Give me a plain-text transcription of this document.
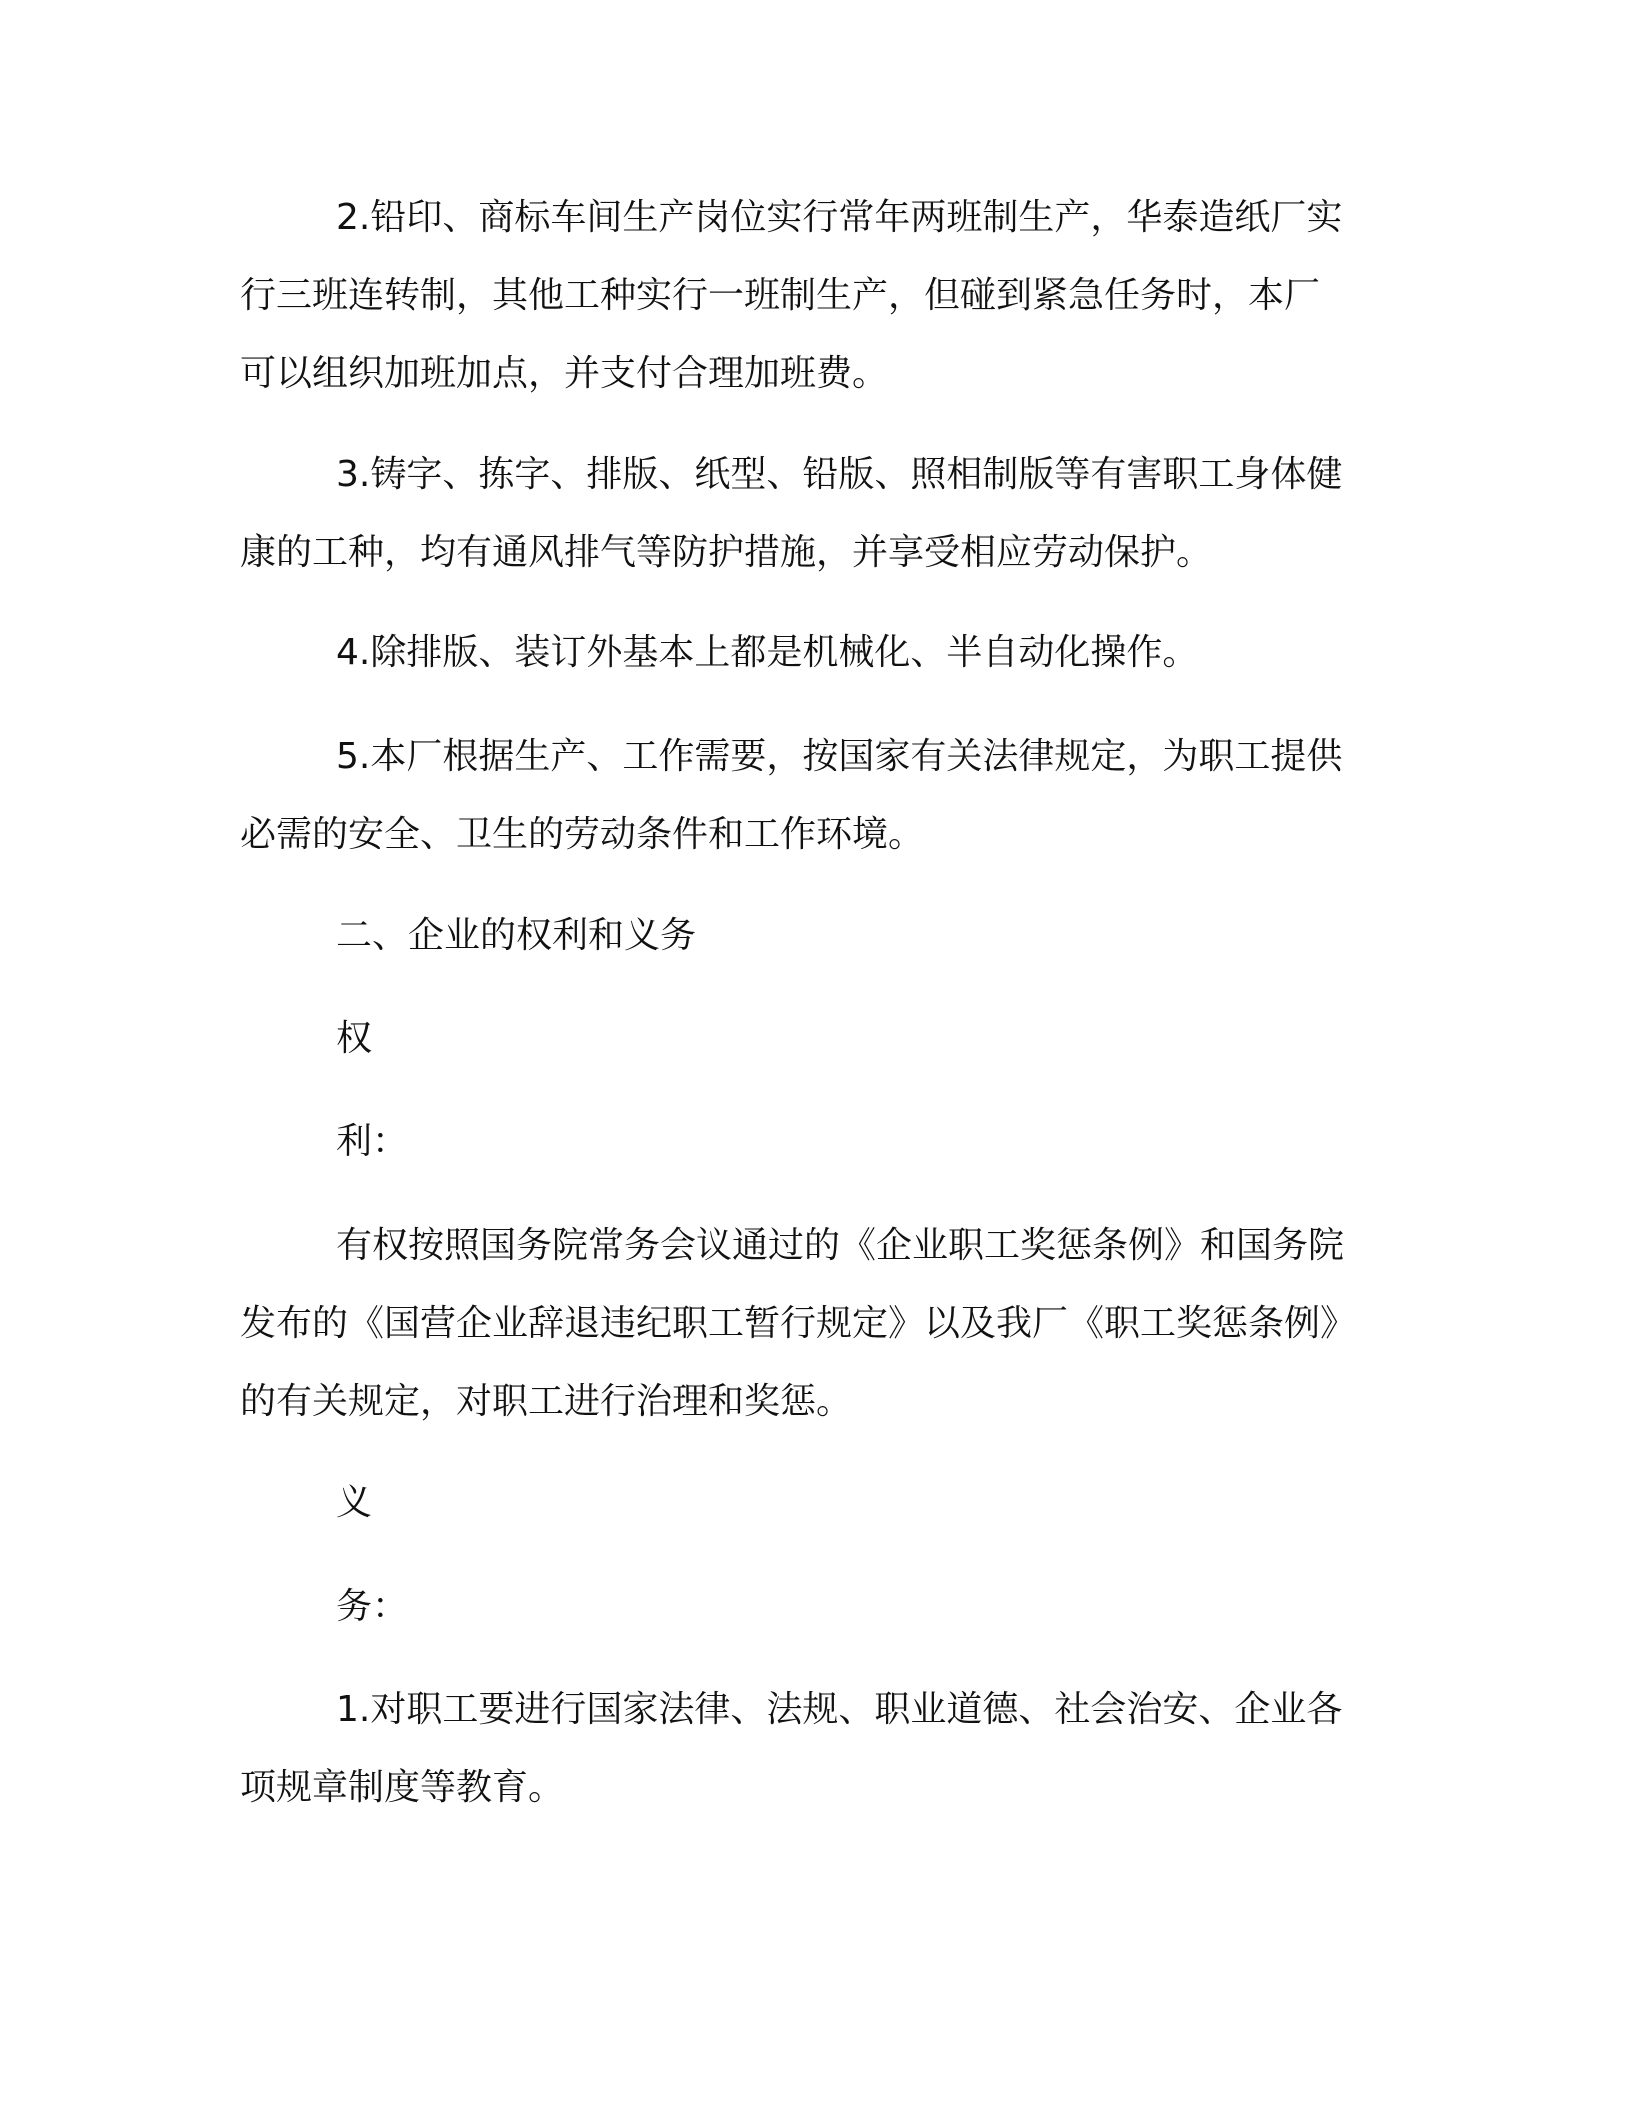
2.铅印、商标车间生产岗位实行常年两班制生产，华泰造纸厂实
行三班连转制，其他工种实行一班制生产，但碰到紧急任务时，本厂
可以组织加班加点，并支付合理加班费。

3.铸字、拣字、排版、纸型、铅版、照相制版等有害职工身体健
康的工种，均有通风排气等防护措施，并享受相应劳动保护。

4.除排版、装订外基本上都是机械化、半自动化操作。

5.本厂根据生产、工作需要，按国家有关法律规定，为职工提供
必需的安全、卫生的劳动条件和工作环境。

二、企业的权利和义务

权

利：

有权按照国务院常务会议通过的《企业职工奖惩条例》和国务院
发布的《国营企业辞退违纪职工暂行规定》以及我厂《职工奖惩条例》
的有关规定，对职工进行治理和奖惩。

义

务：

1.对职工要进行国家法律、法规、职业道德、社会治安、企业各
项规章制度等教育。
